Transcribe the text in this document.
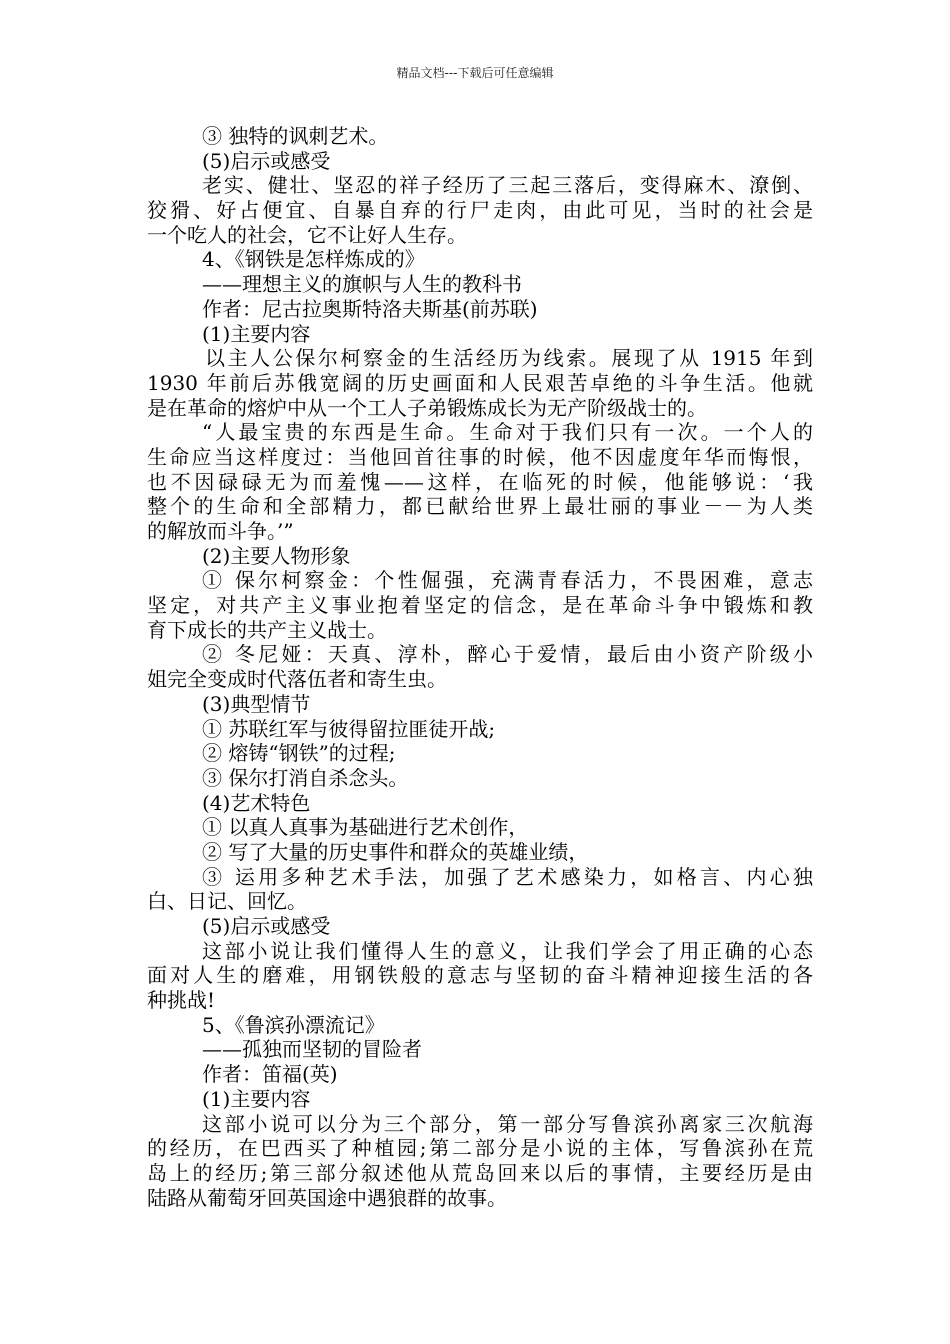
精品文档---下载后可任意编辑
③ 独特的讽刺艺术。
(5)启示或感受
老实、健壮、坚忍的祥子经历了三起三落后，变得麻木、潦倒、
狡猾、好占便宜、自暴自弃的行尸走肉，由此可见，当时的社会是
一个吃人的社会，它不让好人生存。
4、《钢铁是怎样炼成的》
——理想主义的旗帜与人生的教科书
作者：尼古拉奥斯特洛夫斯基(前苏联)
(1)主要内容
以主人公保尔柯察金的生活经历为线索。展现了从 1915 年到
1930 年前后苏俄宽阔的历史画面和人民艰苦卓绝的斗争生活。他就
是在革命的熔炉中从一个工人子弟锻炼成长为无产阶级战士的。
“人最宝贵的东西是生命。生命对于我们只有一次。一个人的
生命应当这样度过：当他回首往事的时候，他不因虚度年华而悔恨，
也不因碌碌无为而羞愧——这样，在临死的时候，他能够说：‘我
整个的生命和全部精力，都已献给世界上最壮丽的事业－－为人类
的解放而斗争。’”
(2)主要人物形象
① 保尔柯察金：个性倔强，充满青春活力，不畏困难，意志
坚定，对共产主义事业抱着坚定的信念，是在革命斗争中锻炼和教
育下成长的共产主义战士。
② 冬尼娅：天真、淳朴，醉心于爱情，最后由小资产阶级小
姐完全变成时代落伍者和寄生虫。
(3)典型情节
① 苏联红军与彼得留拉匪徒开战;
② 熔铸“钢铁”的过程;
③ 保尔打消自杀念头。
(4)艺术特色
① 以真人真事为基础进行艺术创作，
② 写了大量的历史事件和群众的英雄业绩，
③ 运用多种艺术手法，加强了艺术感染力，如格言、内心独
白、日记、回忆。
(5)启示或感受
这部小说让我们懂得人生的意义，让我们学会了用正确的心态
面对人生的磨难，用钢铁般的意志与坚韧的奋斗精神迎接生活的各
种挑战!
5、《鲁滨孙漂流记》
——孤独而坚韧的冒险者
作者：笛福(英)
(1)主要内容
这部小说可以分为三个部分，第一部分写鲁滨孙离家三次航海
的经历，在巴西买了种植园;第二部分是小说的主体，写鲁滨孙在荒
岛上的经历;第三部分叙述他从荒岛回来以后的事情，主要经历是由
陆路从葡萄牙回英国途中遇狼群的故事。
